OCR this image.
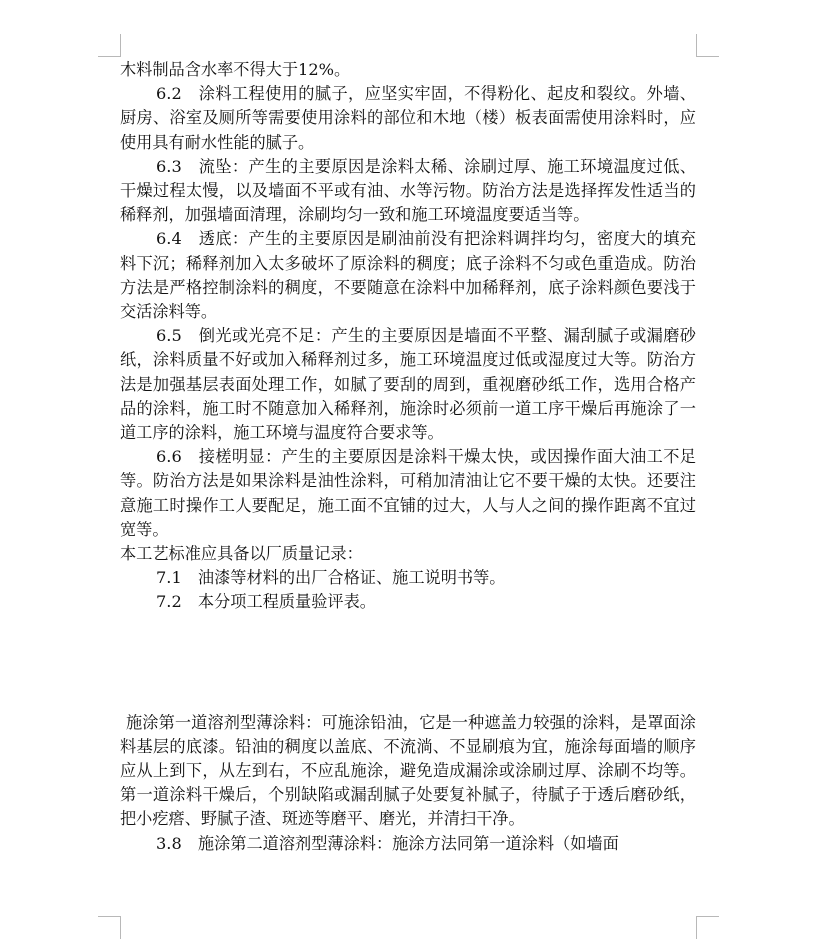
木料制品含水率不得大于12%。

6.2　涂料工程使用的腻子，应坚实牢固，不得粉化、起皮和裂纹。外墙、厨房、浴室及厕所等需要使用涂料的部位和木地（楼）板表面需使用涂料时，应使用具有耐水性能的腻子。

6.3　流坠：产生的主要原因是涂料太稀、涂刷过厚、施工环境温度过低、干燥过程太慢，以及墙面不平或有油、水等污物。防治方法是选择挥发性适当的稀释剂，加强墙面清理，涂刷均匀一致和施工环境温度要适当等。

6.4　透底：产生的主要原因是刷油前没有把涂料调拌均匀，密度大的填充料下沉；稀释剂加入太多破坏了原涂料的稠度；底子涂料不匀或色重造成。防治方法是严格控制涂料的稠度，不要随意在涂料中加稀释剂，底子涂料颜色要浅于交活涂料等。

6.5　倒光或光亮不足：产生的主要原因是墙面不平整、漏刮腻子或漏磨砂纸，涂料质量不好或加入稀释剂过多，施工环境温度过低或湿度过大等。防治方法是加强基层表面处理工作，如腻了要刮的周到，重视磨砂纸工作，选用合格产品的涂料，施工时不随意加入稀释剂，施涂时必须前一道工序干燥后再施涂了一道工序的涂料，施工环境与温度符合要求等。

6.6　接槎明显：产生的主要原因是涂料干燥太快，或因操作面大油工不足等。防治方法是如果涂料是油性涂料，可稍加清油让它不要干燥的太快。还要注意施工时操作工人要配足，施工面不宜铺的过大，人与人之间的操作距离不宜过宽等。

本工艺标准应具备以厂质量记录：

7.1　油漆等材料的出厂合格证、施工说明书等。

7.2　本分项工程质量验评表。

施涂第一道溶剂型薄涂料：可施涂铅油，它是一种遮盖力较强的涂料，是罩面涂料基层的底漆。铅油的稠度以盖底、不流淌、不显刷痕为宜，施涂每面墙的顺序应从上到下，从左到右，不应乱施涂，避免造成漏涂或涂刷过厚、涂刷不均等。第一道涂料干燥后，个别缺陷或漏刮腻子处要复补腻子，待腻子于透后磨砂纸，把小疙瘩、野腻子渣、斑迹等磨平、磨光，并清扫干净。

3.8　施涂第二道溶剂型薄涂料：施涂方法同第一道涂料（如墙面
